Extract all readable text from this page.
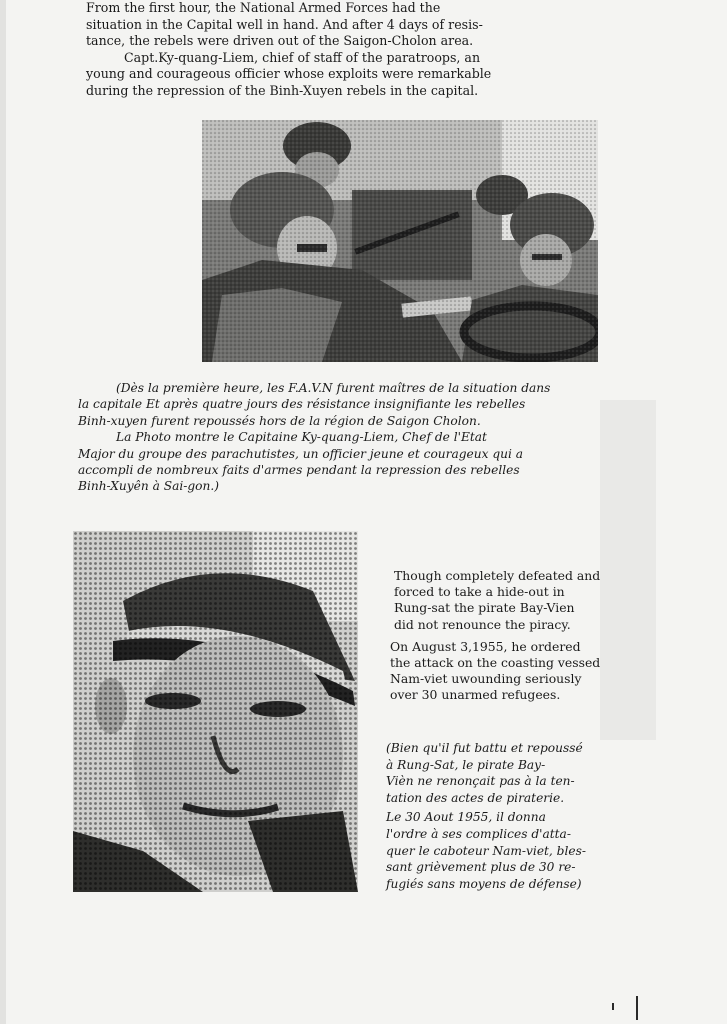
From the first hour, the National Armed Forces had the

situation in the Capital well in hand. And after 4 days of resis-

tance, the rebels were driven out of the Saigon-Cholon area.

Capt.Ky-quang-Liem, chief of staff of the paratroops, an

young and courageous officier whose exploits were remarkable

during the repression of the Binh-Xuyen rebels in the capital.

(Dès la première heure, les F.A.V.N furent maîtres de la situation dans

la capitale Et après quatre jours des résistance insignifiante les rebelles

Binh-xuyen furent repoussés hors de la région de Saigon Cholon.

La Photo montre le Capitaine Ky-quang-Liem, Chef de l'Etat

Major du groupe des parachutistes, un officier jeune et courageux qui a

accompli de nombreux faits d'armes pendant la repression des rebelles

Binh-Xuyên à Sai-gon.)

Though completely defeated and
forced to take a hide-out in
Rung-sat the pirate Bay-Vien
did not renounce the piracy.

On August 3,1955, he ordered
the attack on the coasting vessed
Nam-viet uwounding seriously
over 30 unarmed refugees.

(Bien qu'il fut battu et repoussé
à Rung-Sat, le pirate Bay-
Vièn ne renonçait pas à la ten-
tation des actes de piraterie.

Le 30 Aout 1955, il donna
l'ordre à ses complices d'atta-
quer le caboteur Nam-viet, bles-
sant grièvement plus de 30 re-
fugiés sans moyens de défense)
